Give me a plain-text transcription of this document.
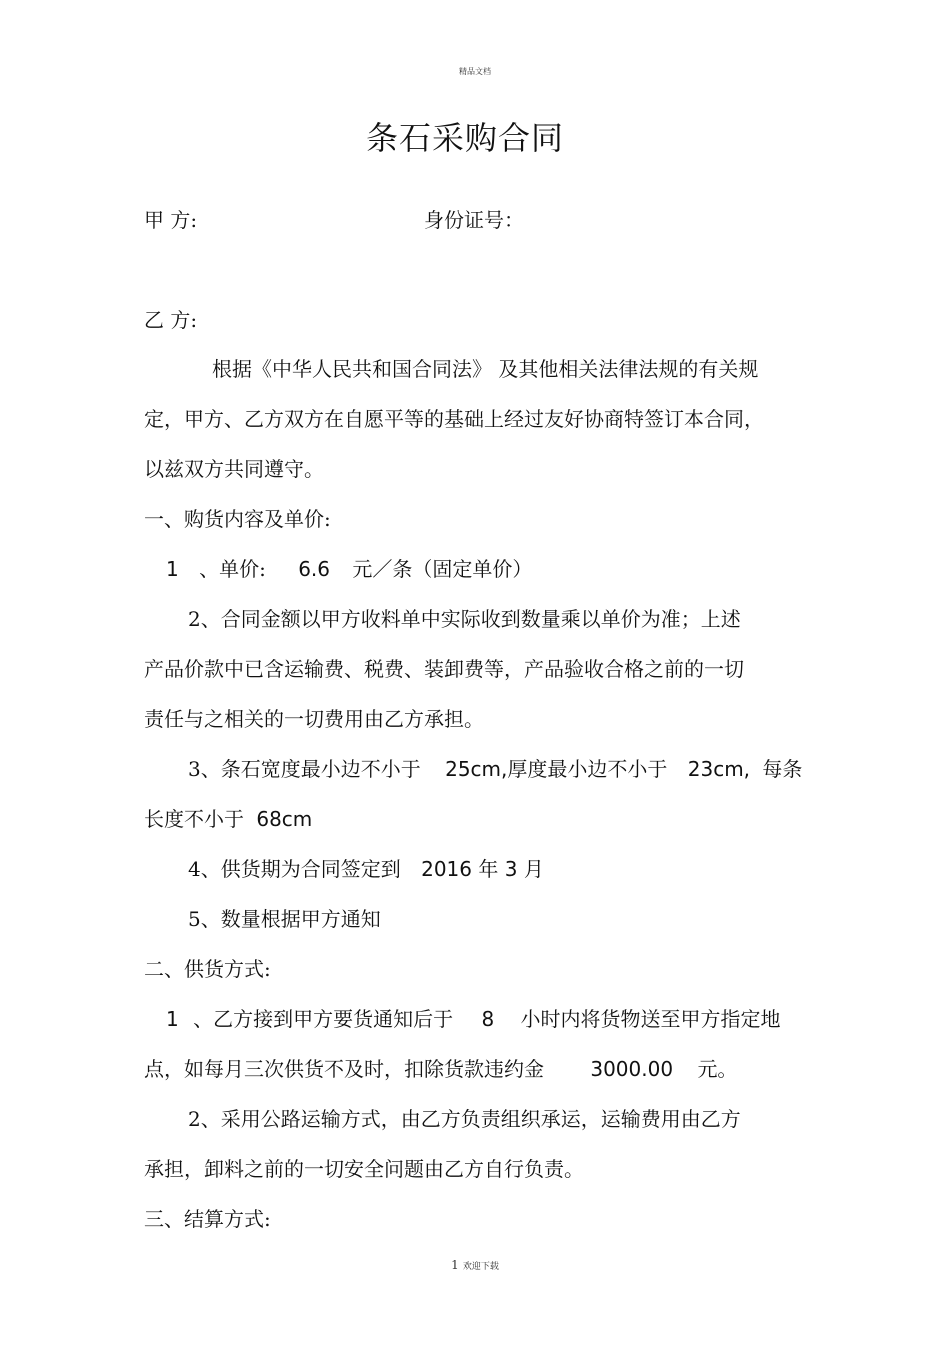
精品文档
条石采购合同
甲 方:	身份证号：
乙 方:
根据《中华人民共和国合同法》 及其他相关法律法规的有关规
定，甲方、乙方双方在自愿平等的基础上经过友好协商特签订本合同，
以兹双方共同遵守。
一、购货内容及单价:
1 、单价: 6.6 元／条（固定单价）
2、合同金额以甲方收料单中实际收到数量乘以单价为准；上述
产品价款中已含运输费、税费、装卸费等，产品验收合格之前的一切
责任与之相关的一切费用由乙方承担。
3、条石宽度最小边不小于 25cm,厚度最小边不小于 23cm, 每条
长度不小于 68cm
4、供货期为合同签定到 2016 年 3 月
5、数量根据甲方通知
二、供货方式:
1 、乙方接到甲方要货通知后于 8 小时内将货物送至甲方指定地
点，如每月三次供货不及时，扣除货款违约金 3000.00 元。
2、采用公路运输方式，由乙方负责组织承运，运输费用由乙方
承担，卸料之前的一切安全问题由乙方自行负责。
三、结算方式:
1 欢迎下载
